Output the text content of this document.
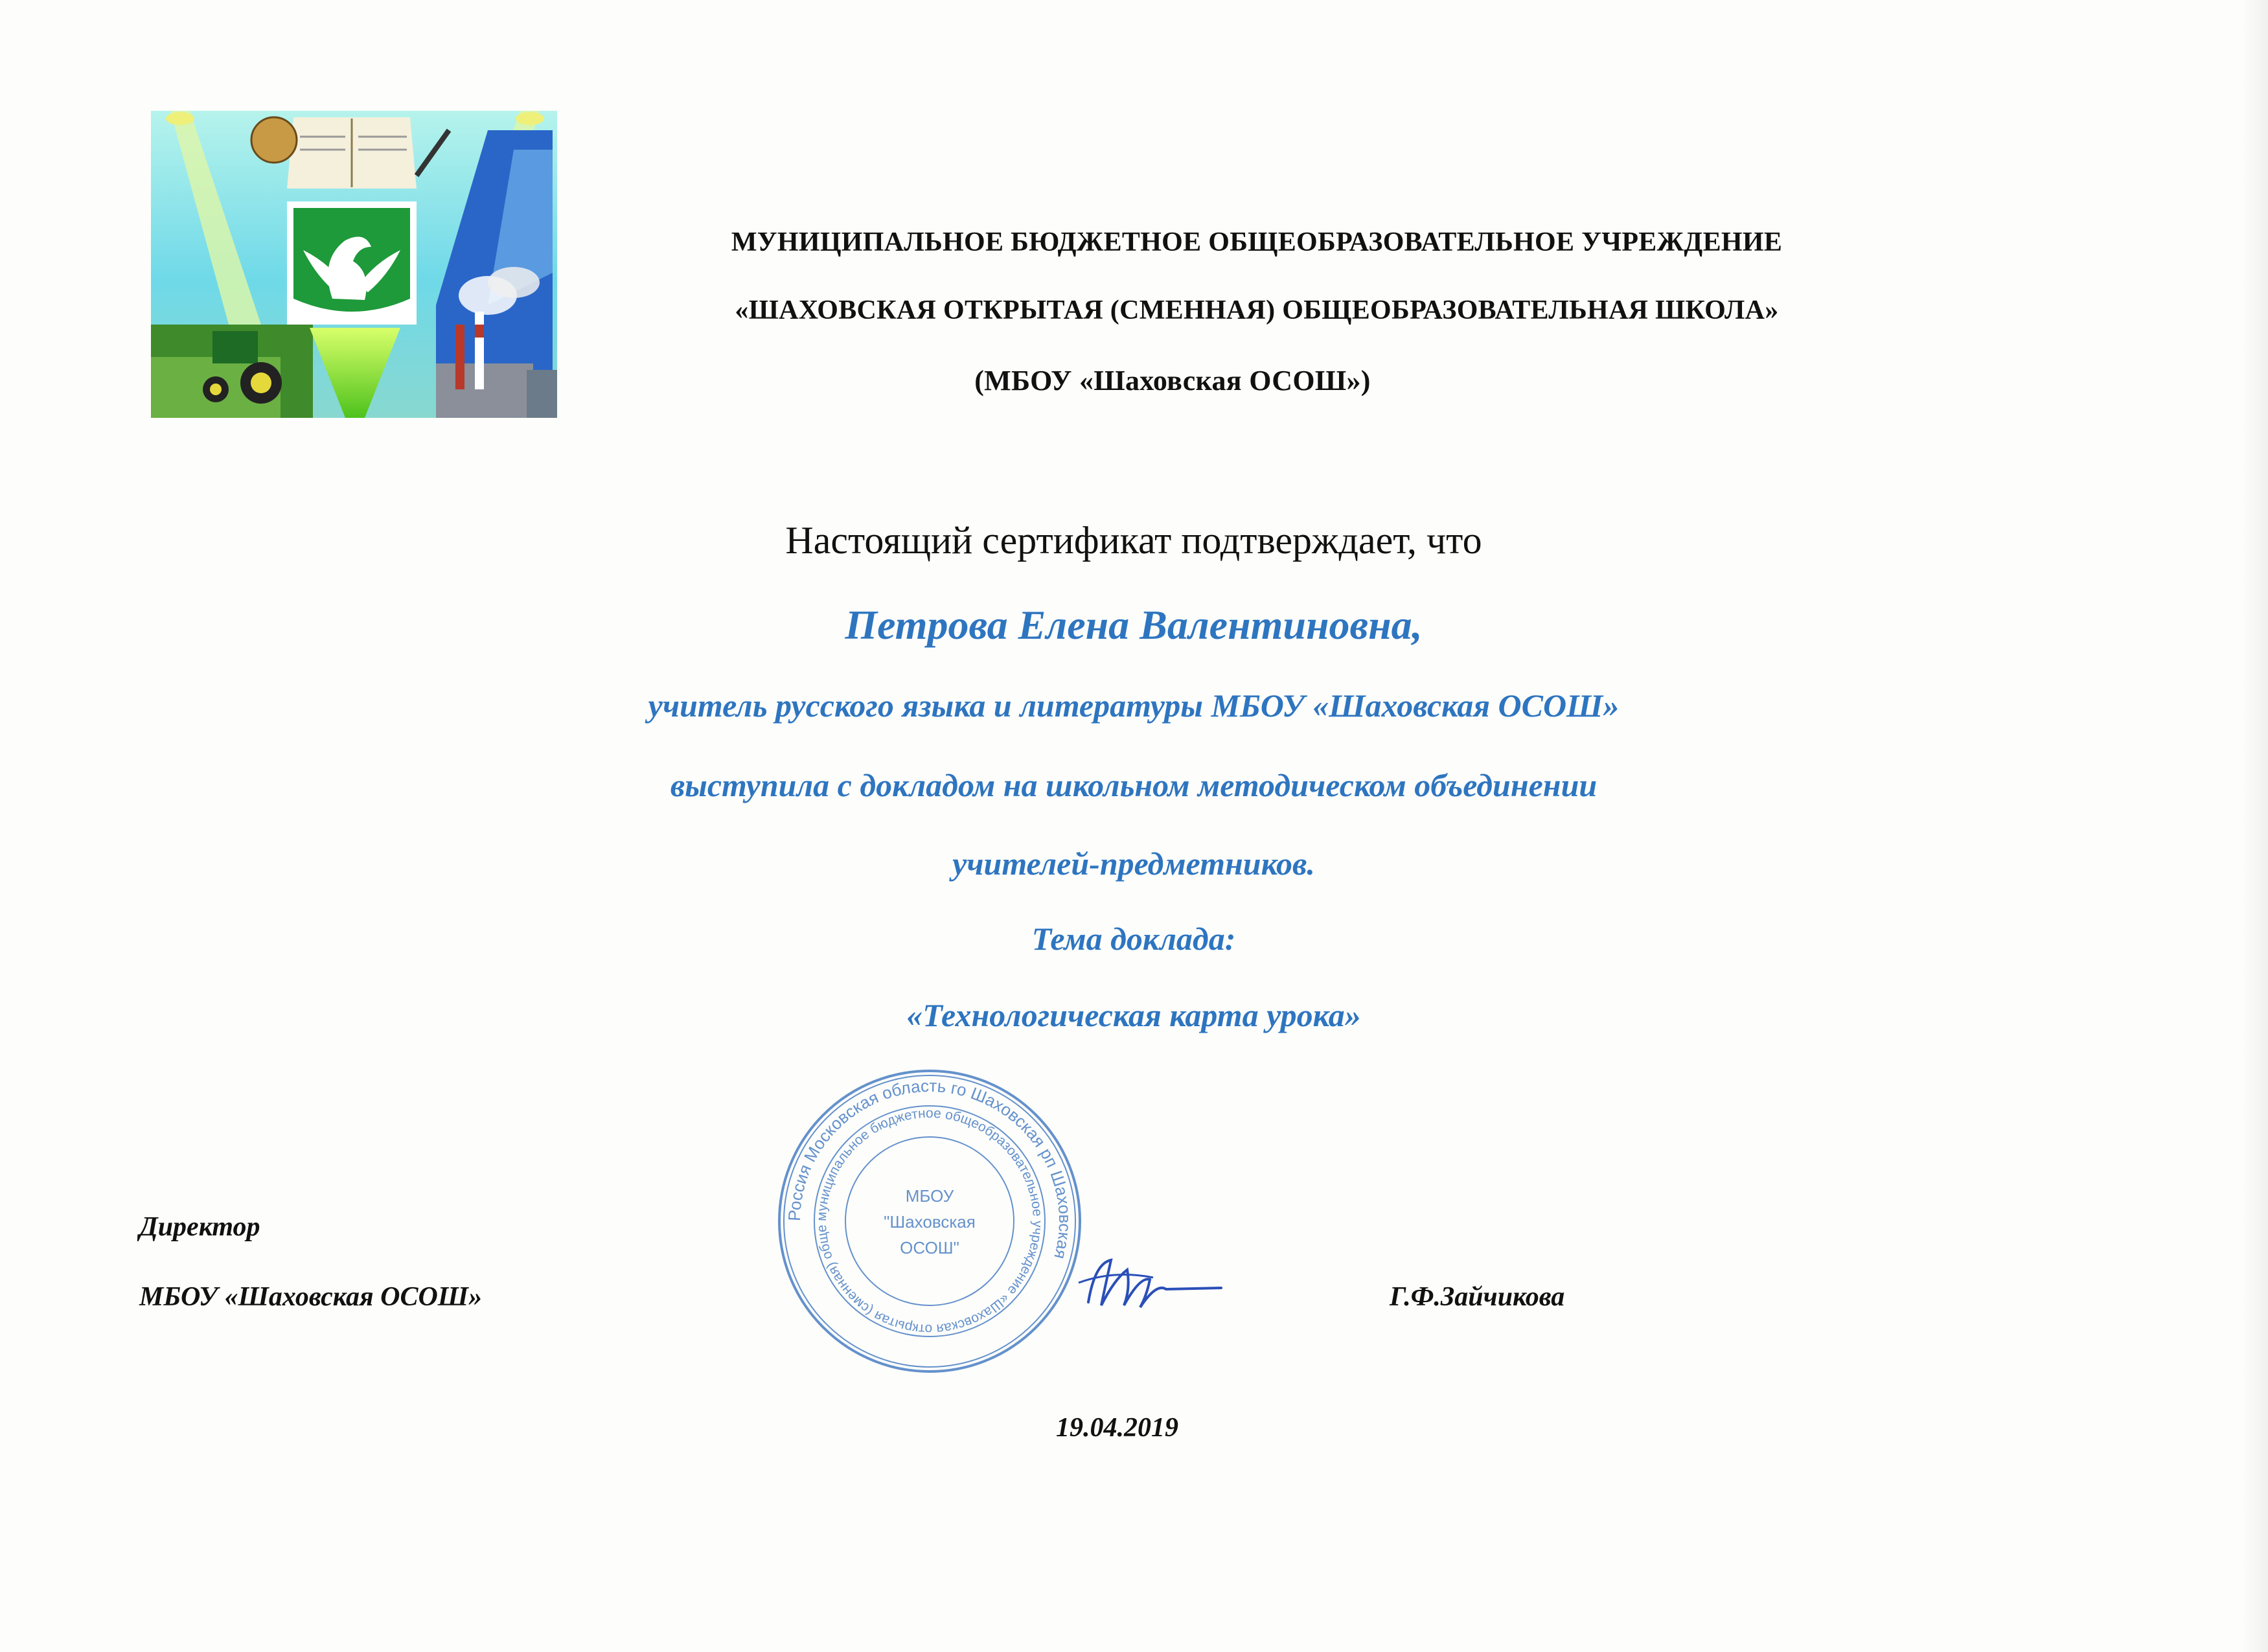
МУНИЦИПАЛЬНОЕ БЮДЖЕТНОЕ ОБЩЕОБРАЗОВАТЕЛЬНОЕ УЧРЕЖДЕНИЕ
«ШАХОВСКАЯ ОТКРЫТАЯ (СМЕННАЯ) ОБЩЕОБРАЗОВАТЕЛЬНАЯ ШКОЛА»
(МБОУ «Шаховская ОСОШ»)
Настоящий сертификат подтверждает, что
Петрова Елена Валентиновна,
учитель русского языка и литературы МБОУ «Шаховская ОСОШ»
выступила с докладом на школьном методическом объединении
учителей-предметников.
Тема доклада:
«Технологическая карта урока»
Россия Московская область го Шаховская рп Шаховская
муниципальное бюджетное общеобразовательное учреждение «Шаховская открытая (сменная) обще
МБОУ
"Шаховская
ОСОШ"
Директор
МБОУ «Шаховская ОСОШ»	Г.Ф.Зайчикова
19.04.2019
